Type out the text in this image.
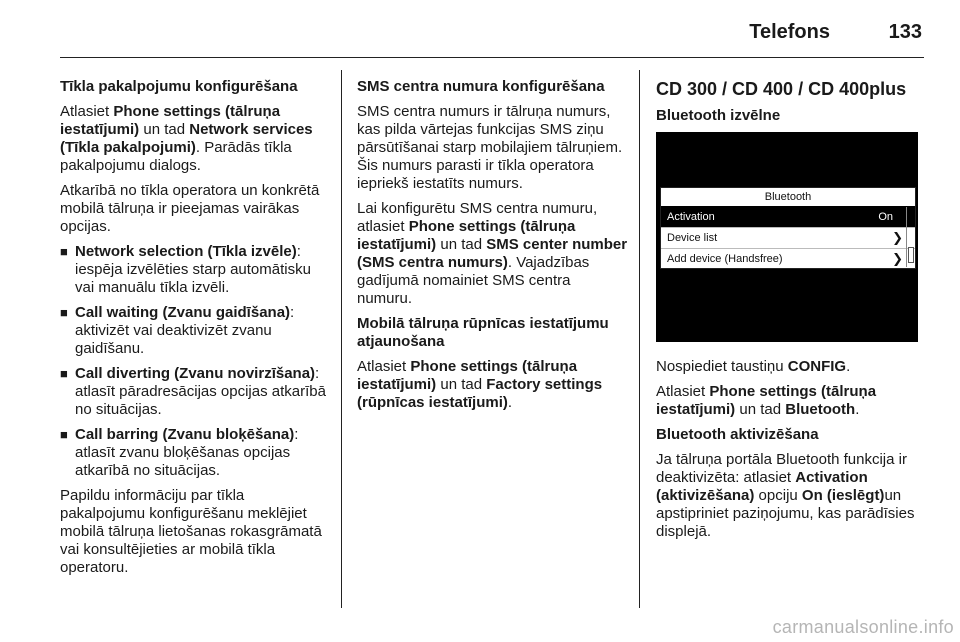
Telefons	133

Tīkla pakalpojumu konfigurēšana

Atlasiet Phone settings (tālruņa iestatījumi) un tad Network services (Tīkla pakalpojumi). Parādās tīkla pakalpojumu dialogs.

Atkarībā no tīkla operatora un konkrētā mobilā tālruņa ir pieejamas vairākas opcijas.

■ Network selection (Tīkla izvēle): iespēja izvēlēties starp automātisku vai manuālu tīkla izvēli.
■ Call waiting (Zvanu gaidīšana): aktivizēt vai deaktivizēt zvanu gaidīšanu.
■ Call diverting (Zvanu novirzīšana): atlasīt pāradresācijas opcijas atkarībā no situācijas.
■ Call barring (Zvanu bloķēšana): atlasīt zvanu bloķēšanas opcijas atkarībā no situācijas.

Papildu informāciju par tīkla pakalpojumu konfigurēšanu meklējiet mobilā tālruņa lietošanas rokasgrāmatā vai konsultējieties ar mobilā tīkla operatoru.

SMS centra numura konfigurēšana

SMS centra numurs ir tālruņa numurs, kas pilda vārtejas funkcijas SMS ziņu pārsūtīšanai starp mobilajiem tālruņiem. Šis numurs parasti ir tīkla operatora iepriekš iestatīts numurs.

Lai konfigurētu SMS centra numuru, atlasiet Phone settings (tālruņa iestatījumi) un tad SMS center number (SMS centra numurs). Vajadzības gadījumā nomainiet SMS centra numuru.

Mobilā tālruņa rūpnīcas iestatījumu atjaunošana

Atlasiet Phone settings (tālruņa iestatījumi) un tad Factory settings (rūpnīcas iestatījumi).

CD 300 / CD 400 / CD 400plus

Bluetooth izvēlne

Bluetooth
Activation	On
Device list	❯
Add device (Handsfree)	❯

Nospiediet taustiņu CONFIG.

Atlasiet Phone settings (tālruņa iestatījumi) un tad Bluetooth.

Bluetooth aktivizēšana

Ja tālruņa portāla Bluetooth funkcija ir deaktivizēta: atlasiet Activation (aktivizēšana) opciju On (ieslēgt)un apstipriniet paziņojumu, kas parādīsies displejā.

carmanualsonline.info
